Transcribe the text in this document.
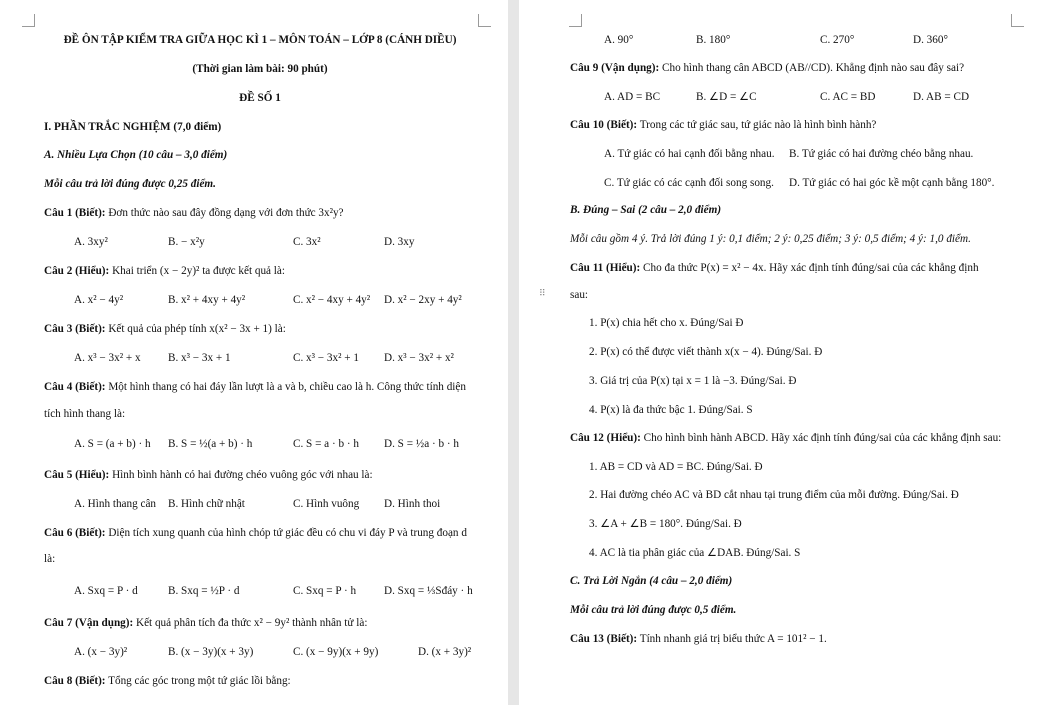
ĐỀ ÔN TẬP KIỂM TRA GIỮA HỌC KÌ 1 – MÔN TOÁN – LỚP 8 (CÁNH DIỀU)
(Thời gian làm bài: 90 phút)
ĐỀ SỐ 1
I. PHẦN TRẮC NGHIỆM (7,0 điểm)
A. Nhiều Lựa Chọn (10 câu – 3,0 điểm)
Mỗi câu trả lời đúng được 0,25 điểm.
Câu 1 (Biết): Đơn thức nào sau đây đồng dạng với đơn thức 3x²y?
A. 3xy²	B. − x²y	C. 3x²	D. 3xy
Câu 2 (Hiểu): Khai triển (x − 2y)² ta được kết quả là:
A. x² − 4y²	B. x² + 4xy + 4y²	C. x² − 4xy + 4y² D. x² − 2xy + 4y²
Câu 3 (Biết): Kết quả của phép tính x(x² − 3x + 1) là:
A. x³ − 3x² + x B. x³ − 3x + 1	C. x³ − 3x² + 1 D. x³ − 3x² + x²
Câu 4 (Biết): Một hình thang có hai đáy lần lượt là a và b, chiều cao là h. Công thức tính diện
tích hình thang là:
A. S = (a + b) · h B. S = ½(a + b) · h	C. S = a · b · h D. S = ½a · b · h
Câu 5 (Hiểu): Hình bình hành có hai đường chéo vuông góc với nhau là:
A. Hình thang cân B. Hình chữ nhật	C. Hình vuông D. Hình thoi
Câu 6 (Biết): Diện tích xung quanh của hình chóp tứ giác đều có chu vi đáy P và trung đoạn d
là:
A. Sxq = P · d	B. Sxq = ½P · d	C. Sxq = P · h D. Sxq = ⅓Sđáy · h
Câu 7 (Vận dụng): Kết quả phân tích đa thức x² − 9y² thành nhân tử là:
A. (x − 3y)²	B. (x − 3y)(x + 3y)	C. (x − 9y)(x + 9y)	D. (x + 3y)²
Câu 8 (Biết): Tổng các góc trong một tứ giác lồi bằng:
A. 90°	B. 180°	C. 270°	D. 360°
Câu 9 (Vận dụng): Cho hình thang cân ABCD (AB//CD). Khẳng định nào sau đây sai?
A. AD = BC	B. ∠D = ∠C	C. AC = BD	D. AB = CD
Câu 10 (Biết): Trong các tứ giác sau, tứ giác nào là hình bình hành?
A. Tứ giác có hai cạnh đối bằng nhau. B. Tứ giác có hai đường chéo bằng nhau.
C. Tứ giác có các cạnh đối song song. D. Tứ giác có hai góc kề một cạnh bằng 180°.
B. Đúng – Sai (2 câu – 2,0 điểm)
Mỗi câu gồm 4 ý. Trả lời đúng 1 ý: 0,1 điểm; 2 ý: 0,25 điểm; 3 ý: 0,5 điểm; 4 ý: 1,0 điểm.
Câu 11 (Hiểu): Cho đa thức P(x) = x² − 4x. Hãy xác định tính đúng/sai của các khẳng định
sau:
1. P(x) chia hết cho x. Đúng/Sai Đ
2. P(x) có thể được viết thành x(x − 4). Đúng/Sai. Đ
3. Giá trị của P(x) tại x = 1 là −3. Đúng/Sai. Đ
4. P(x) là đa thức bậc 1. Đúng/Sai. S
Câu 12 (Hiểu): Cho hình bình hành ABCD. Hãy xác định tính đúng/sai của các khẳng định sau:
1. AB = CD và AD = BC. Đúng/Sai. Đ
2. Hai đường chéo AC và BD cắt nhau tại trung điểm của mỗi đường. Đúng/Sai. Đ
3. ∠A + ∠B = 180°. Đúng/Sai. Đ
4. AC là tia phân giác của ∠DAB. Đúng/Sai. S
C. Trả Lời Ngắn (4 câu – 2,0 điểm)
Mỗi câu trả lời đúng được 0,5 điểm.
Câu 13 (Biết): Tính nhanh giá trị biểu thức A = 101² − 1.
⠿
